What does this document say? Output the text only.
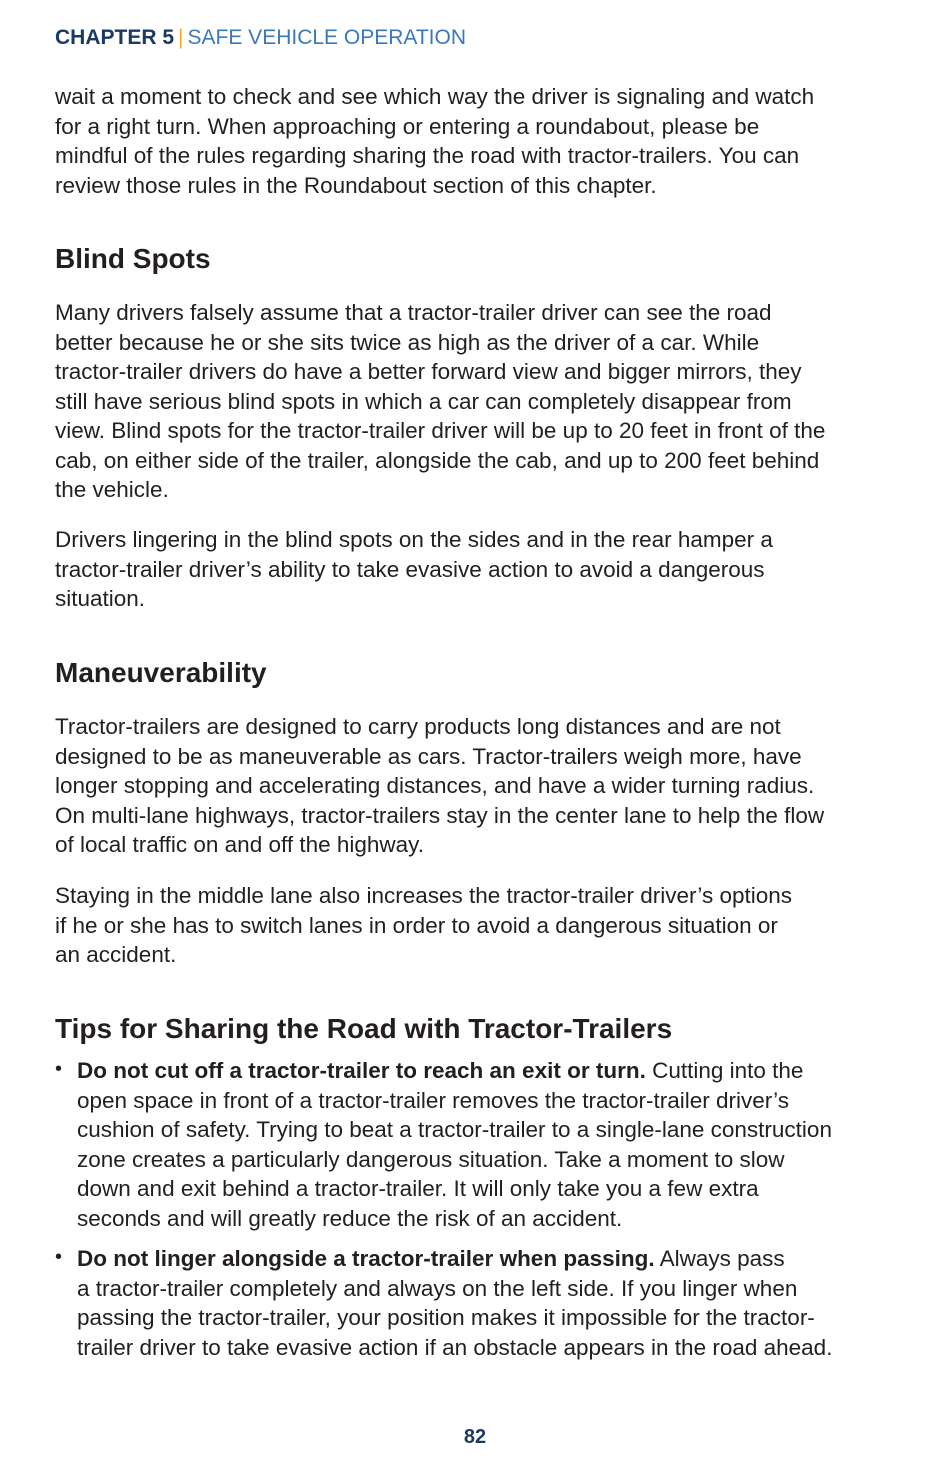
CHAPTER 5 | SAFE VEHICLE OPERATION

wait a moment to check and see which way the driver is signaling and watch
for a right turn. When approaching or entering a roundabout, please be
mindful of the rules regarding sharing the road with tractor-trailers. You can
review those rules in the Roundabout section of this chapter.

Blind Spots

Many drivers falsely assume that a tractor-trailer driver can see the road
better because he or she sits twice as high as the driver of a car. While
tractor-trailer drivers do have a better forward view and bigger mirrors, they
still have serious blind spots in which a car can completely disappear from
view. Blind spots for the tractor-trailer driver will be up to 20 feet in front of the
cab, on either side of the trailer, alongside the cab, and up to 200 feet behind
the vehicle.

Drivers lingering in the blind spots on the sides and in the rear hamper a
tractor-trailer driver’s ability to take evasive action to avoid a dangerous
situation.

Maneuverability

Tractor-trailers are designed to carry products long distances and are not
designed to be as maneuverable as cars. Tractor-trailers weigh more, have
longer stopping and accelerating distances, and have a wider turning radius.
On multi-lane highways, tractor-trailers stay in the center lane to help the flow
of local traffic on and off the highway.

Staying in the middle lane also increases the tractor-trailer driver’s options
if he or she has to switch lanes in order to avoid a dangerous situation or
an accident.

Tips for Sharing the Road with Tractor-Trailers
• Do not cut off a tractor-trailer to reach an exit or turn. Cutting into the
open space in front of a tractor-trailer removes the tractor-trailer driver’s
cushion of safety. Trying to beat a tractor-trailer to a single-lane construction
zone creates a particularly dangerous situation. Take a moment to slow
down and exit behind a tractor-trailer. It will only take you a few extra
seconds and will greatly reduce the risk of an accident.
• Do not linger alongside a tractor-trailer when passing. Always pass
a tractor-trailer completely and always on the left side. If you linger when
passing the tractor-trailer, your position makes it impossible for the tractor-
trailer driver to take evasive action if an obstacle appears in the road ahead.
82
